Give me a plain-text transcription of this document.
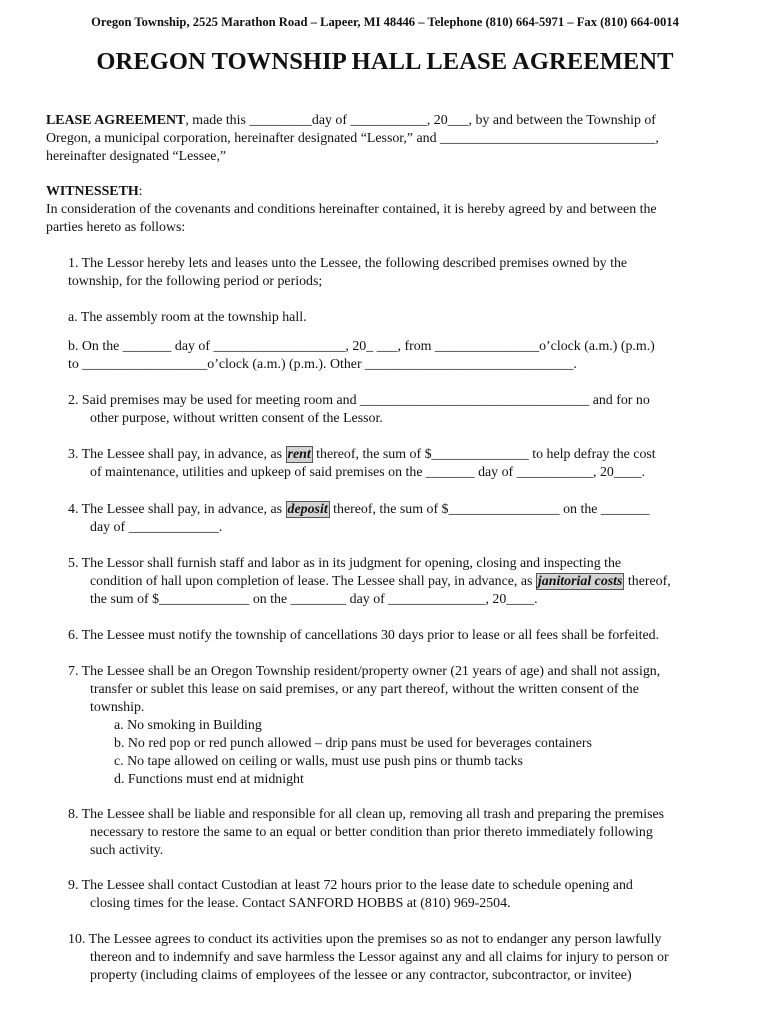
Oregon Township, 2525 Marathon Road – Lapeer, MI 48446 – Telephone (810) 664-5971 – Fax (810) 664-0014
OREGON TOWNSHIP HALL LEASE AGREEMENT
LEASE AGREEMENT, made this _________day of ___________, 20___, by and between the Township of
Oregon, a municipal corporation, hereinafter designated “Lessor,” and _______________________________,
hereinafter designated “Lessee,”
WITNESSETH:
In consideration of the covenants and conditions hereinafter contained, it is hereby agreed by and between the
parties hereto as follows:
1. The Lessor hereby lets and leases unto the Lessee, the following described premises owned by the
township, for the following period or periods;
a. The assembly room at the township hall.
b. On the _______ day of ___________________, 20_ ___, from _______________o’clock (a.m.) (p.m.)
to __________________o’clock (a.m.) (p.m.). Other ______________________________.
2. Said premises may be used for meeting room and _________________________________ and for no
other purpose, without written consent of the Lessor.
3. The Lessee shall pay, in advance, as rent thereof, the sum of $______________ to help defray the cost
of maintenance, utilities and upkeep of said premises on the _______ day of ___________, 20____.
4. The Lessee shall pay, in advance, as deposit thereof, the sum of $________________ on the _______
day of _____________.
5. The Lessor shall furnish staff and labor as in its judgment for opening, closing and inspecting the
condition of hall upon completion of lease. The Lessee shall pay, in advance, as janitorial costs thereof,
the sum of $_____________ on the ________ day of ______________, 20____.
6. The Lessee must notify the township of cancellations 30 days prior to lease or all fees shall be forfeited.
7. The Lessee shall be an Oregon Township resident/property owner (21 years of age) and shall not assign,
transfer or sublet this lease on said premises, or any part thereof, without the written consent of the
township.
a. No smoking in Building
b. No red pop or red punch allowed – drip pans must be used for beverages containers
c. No tape allowed on ceiling or walls, must use push pins or thumb tacks
d. Functions must end at midnight
8. The Lessee shall be liable and responsible for all clean up, removing all trash and preparing the premises
necessary to restore the same to an equal or better condition than prior thereto immediately following
such activity.
9. The Lessee shall contact Custodian at least 72 hours prior to the lease date to schedule opening and
closing times for the lease. Contact SANFORD HOBBS at (810) 969-2504.
10. The Lessee agrees to conduct its activities upon the premises so as not to endanger any person lawfully
thereon and to indemnify and save harmless the Lessor against any and all claims for injury to person or
property (including claims of employees of the lessee or any contractor, subcontractor, or invitee)
